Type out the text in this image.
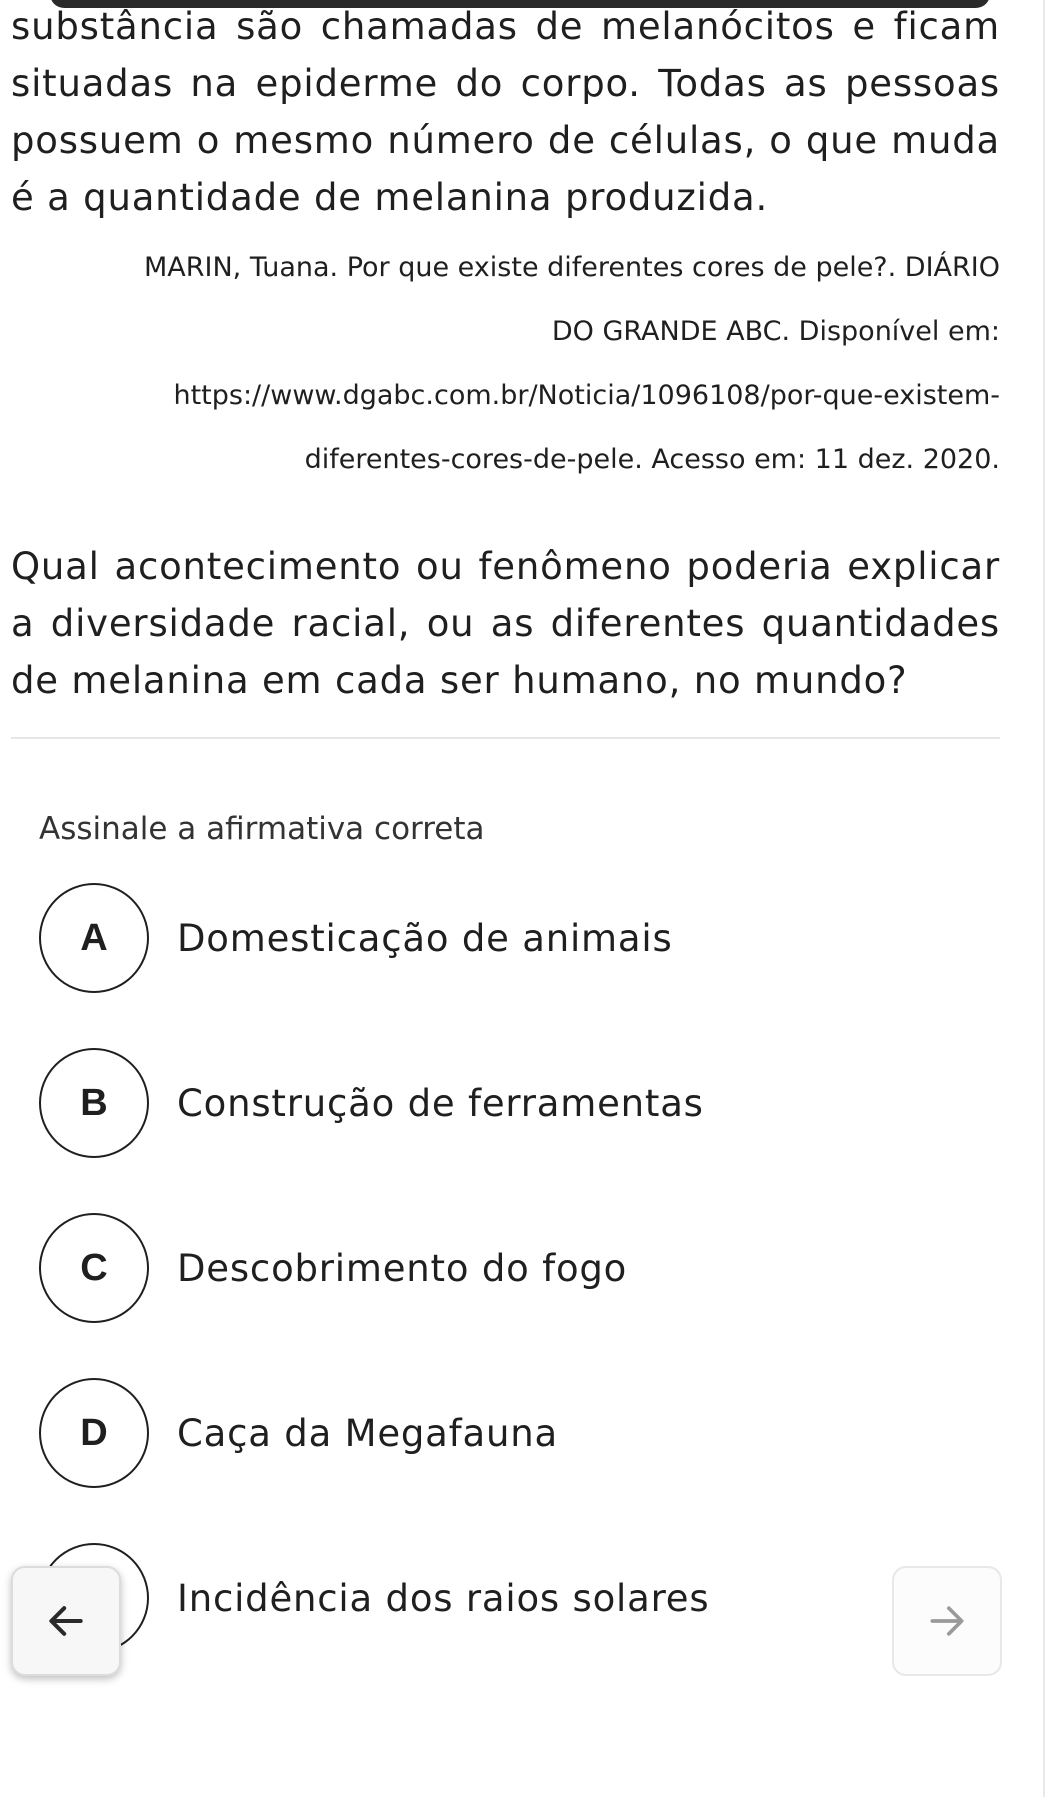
substância são chamadas de melanócitos e ficam situadas na epiderme do corpo. Todas as pessoas possuem o mesmo número de células, o que muda é a quantidade de melanina produzida.

MARIN, Tuana. Por que existe diferentes cores de pele?. DIÁRIO
DO GRANDE ABC. Disponível em:
https://www.dgabc.com.br/Noticia/1096108/por-que-existem-
diferentes-cores-de-pele. Acesso em: 11 dez. 2020.

Qual acontecimento ou fenômeno poderia explicar a diversidade racial, ou as diferentes quantidades de melanina em cada ser humano, no mundo?

Assinale a afirmativa correta
A	Domesticação de animais
B	Construção de ferramentas
C	Descobrimento do fogo
D	Caça da Megafauna
Incidência dos raios solares
